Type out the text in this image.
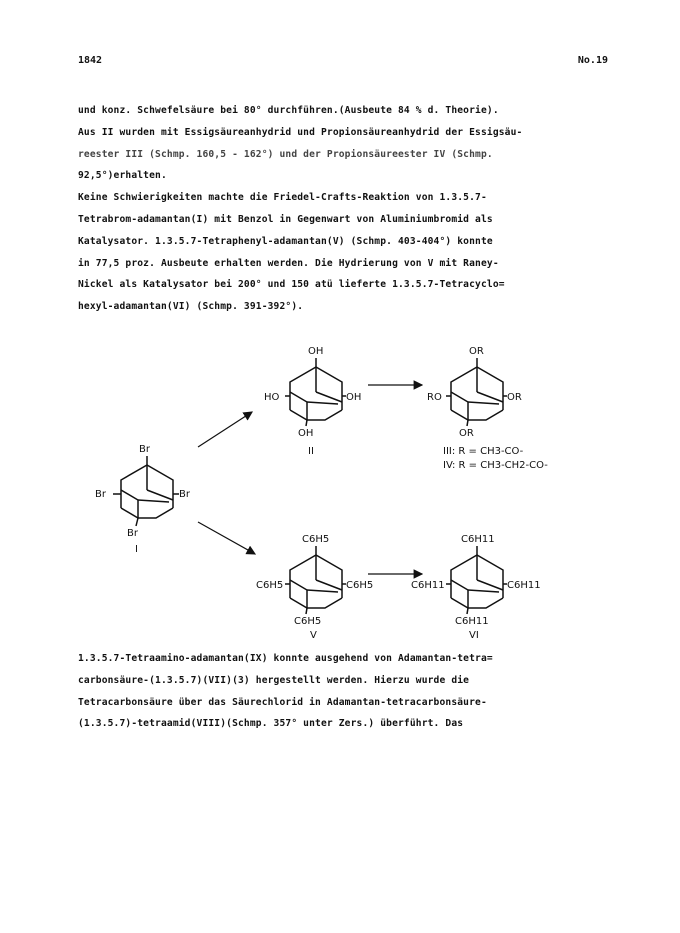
1842	No.19
und konz. Schwefelsäure bei 80° durchführen.(Ausbeute 84 % d. Theorie).
Aus II wurden mit Essigsäureanhydrid und Propionsäureanhydrid der Essigsäu-
reester III (Schmp. 160,5 - 162°) und der Propionsäureester IV (Schmp.
92,5°)erhalten.
Keine Schwierigkeiten machte die Friedel-Crafts-Reaktion von 1.3.5.7-
Tetrabrom-adamantan(I) mit Benzol in Gegenwart von Aluminiumbromid als
Katalysator. 1.3.5.7-Tetraphenyl-adamantan(V) (Schmp. 403-404°) konnte
in 77,5 proz. Ausbeute erhalten werden. Die Hydrierung von V mit Raney-
Nickel als Katalysator bei 200° und 150 atü lieferte 1.3.5.7-Tetracyclo=
hexyl-adamantan(VI) (Schmp. 391-392°).
Br
Br	Br
Br
I
OH
HO	OH
OH
II
OR
RO	OR
OR
III: R = CH3-CO-
IV: R = CH3-CH2-CO-
C6H5
C6H5	C6H5
C6H5
V
C6H11
C6H11	C6H11
C6H11
VI
1.3.5.7-Tetraamino-adamantan(IX) konnte ausgehend von Adamantan-tetra=
carbonsäure-(1.3.5.7)(VII)(3) hergestellt werden. Hierzu wurde die
Tetracarbonsäure über das Säurechlorid in Adamantan-tetracarbonsäure-
(1.3.5.7)-tetraamid(VIII)(Schmp. 357° unter Zers.) überführt. Das
